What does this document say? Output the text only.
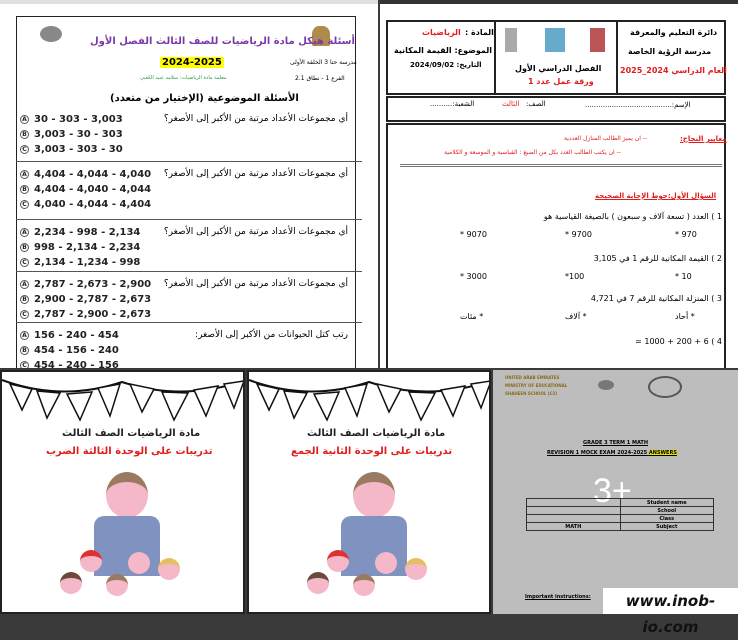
أسئلة هيكل مادة الرياضيات للصف الثالث الفصل الأول
2024-2025	مدرسة حتا 3 الحلقة الأولى
معلمة مادة الرياضيات: سلامه عبيد الكعبي	الفرع 1 - نطاق 2.1
الأسئلة الموضوعية (الإختيار من متعدد)
أي مجموعات الأعداد مرتبة من الأكبر إلى الأصغر؟
A 30 - 303 - 3,003
B 3,003 - 30 - 303
C 3,003 - 303 - 30
أي مجموعات الأعداد مرتبة من الأكبر إلى الأصغر؟
A 4,404 - 4,044 - 4,040
B 4,404 - 4,040 - 4,044
C 4,040 - 4,044 - 4,404
أي مجموعات الأعداد مرتبة من الأكبر إلى الأصغر؟
A 2,234 - 998 - 2,134
B 998 - 2,134 - 2,234
C 2,134 - 1,234 - 998
أي مجموعات الأعداد مرتبة من الأكبر إلى الأصغر؟
A 2,787 - 2,673 - 2,900
B 2,900 - 2,787 - 2,673
C 2,787 - 2,900 - 2,673
رتب كتل الحيوانات من الأكبر إلى الأصغر:
A 156 - 240 - 454
B 454 - 156 - 240
C 454 - 240 - 156
المادة :
الرياضيات
الموضوع: القيمة المكانية
التاريخ: 2024/09/02	الفصل الدراسي الأول
ورقة عمل عدد 1
دائرة التعليم والمعرفة
مدرسة الرؤية الخاصة
العام الدراسي 2024_2025
الإسم:.......................................
الصف:
الثالث
الشعبة:..........
معايير النجاح:
-- ان يميز الطالب المنازل العددية
-- ان يكتب الطالب العدد بكل من الصيغ : القياسية و الموسعة و الكلامية
السؤال الأول:حوط الإجابة الصحيحة
1 ) العدد ( تسعة آلاف و سبعون ) بالصيغة القياسية هو
970 *
9700 *
9070 *
2 ) القيمة المكانية للرقم 1 في 3,105
10 *
100*
3000 *
3 ) المنزلة المكانية للرقم 7 في 4,721
* أحاد
* آلاف
* مئات
4 ) 6 + 200 + 1000 =
مادة الرياضيات الصف الثالث
تدريبات على الوحدة الثالثة الضرب
مادة الرياضيات الصف الثالث
تدريبات على الوحدة الثانية الجمع
UNITED ARAB EMIRATES
MINISTRY OF EDUCATIONAL
SHAHEEN SCHOOL (C2)
GRADE 3 TERM 1 MATH
REVISION 1 MOCK EXAM 2024-2025 ANSWERS
3+
		Student name
	School
	Class
MATH	Subject
Important instructions:	www.inob-io.com
